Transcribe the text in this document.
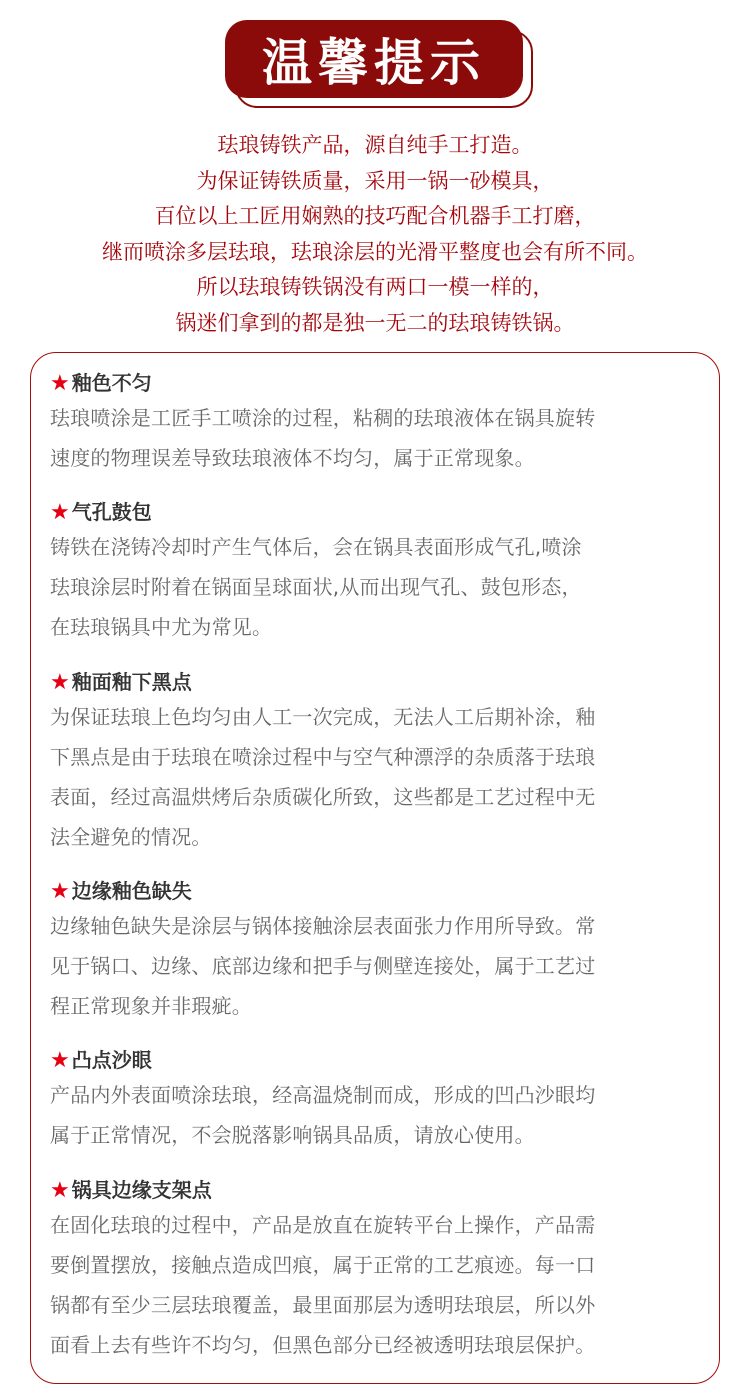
温馨提示
珐琅铸铁产品，源自纯手工打造。
为保证铸铁质量，采用一锅一砂模具，
百位以上工匠用娴熟的技巧配合机器手工打磨，
继而喷涂多层珐琅，珐琅涂层的光滑平整度也会有所不同。
所以珐琅铸铁锅没有两口一模一样的，
锅迷们拿到的都是独一无二的珐琅铸铁锅。
★ 釉色不匀
珐琅喷涂是工匠手工喷涂的过程，粘稠的珐琅液体在锅具旋转
速度的物理误差导致珐琅液体不均匀，属于正常现象。
★ 气孔鼓包
铸铁在浇铸冷却时产生气体后，会在锅具表面形成气孔,喷涂
珐琅涂层时附着在锅面呈球面状,从而出现气孔、鼓包形态，
在珐琅锅具中尤为常见。
★ 釉面釉下黑点
为保证珐琅上色均匀由人工一次完成，无法人工后期补涂，釉
下黑点是由于珐琅在喷涂过程中与空气种漂浮的杂质落于珐琅
表面，经过高温烘烤后杂质碳化所致，这些都是工艺过程中无
法全避免的情况。
★ 边缘釉色缺失
边缘轴色缺失是涂层与锅体接触涂层表面张力作用所导致。常
见于锅口、边缘、底部边缘和把手与侧壁连接处，属于工艺过
程正常现象并非瑕疵。
★ 凸点沙眼
产品内外表面喷涂珐琅，经高温烧制而成，形成的凹凸沙眼均
属于正常情况，不会脱落影响锅具品质，请放心使用。
★ 锅具边缘支架点
在固化珐琅的过程中，产品是放直在旋转平台上操作，产品需
要倒置摆放，接触点造成凹痕，属于正常的工艺痕迹。每一口
锅都有至少三层珐琅覆盖，最里面那层为透明珐琅层，所以外
面看上去有些许不均匀，但黑色部分已经被透明珐琅层保护。
